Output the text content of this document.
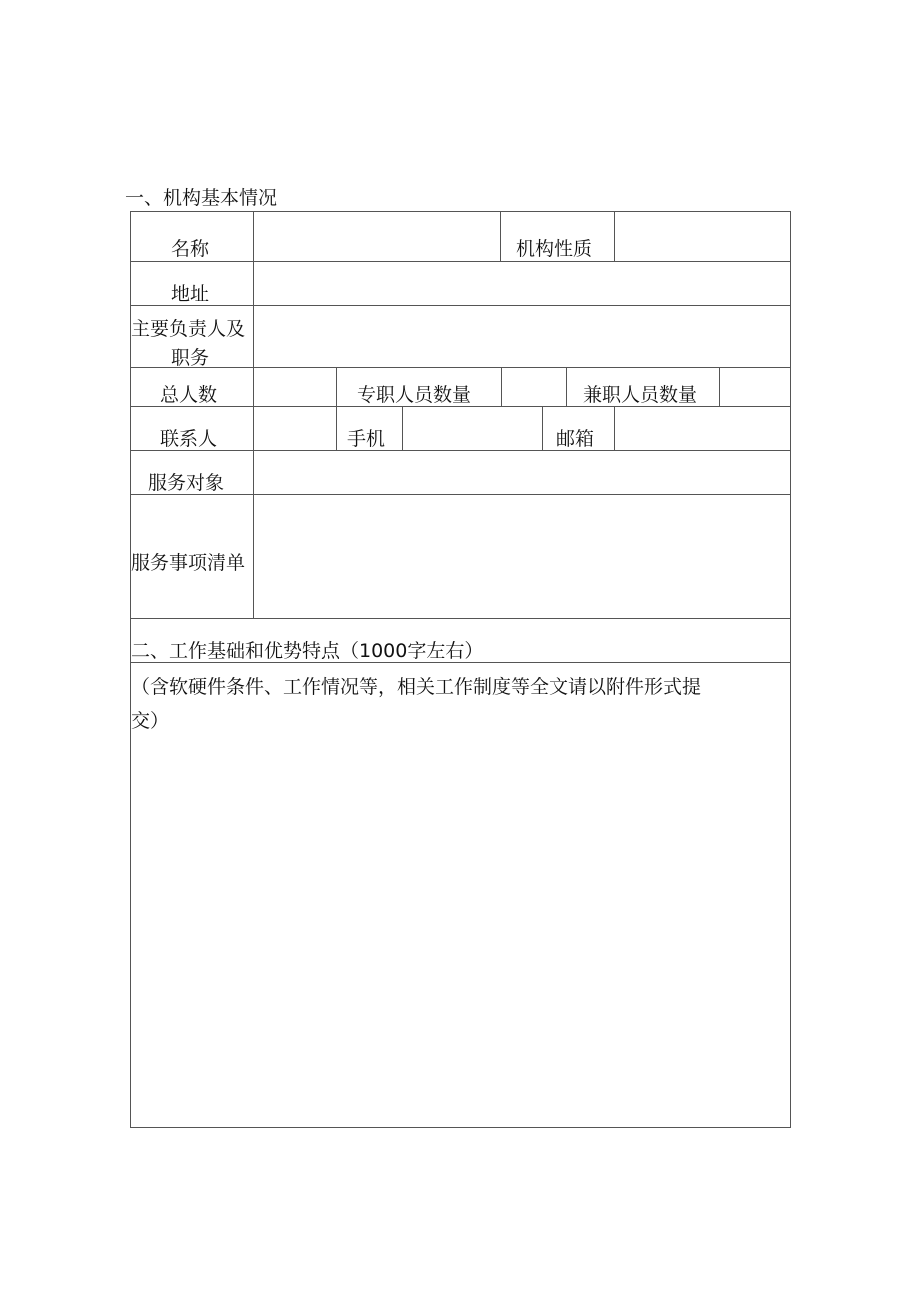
一、机构基本情况
名称	机构性质
地址
主要负责人及
职务
总人数	专职人员数量	兼职人员数量
联系人	手机	邮箱
服务对象
服务事项清单
二、工作基础和优势特点（1000字左右）
（含软硬件条件、工作情况等，相关工作制度等全文请以附件形式提
交）
